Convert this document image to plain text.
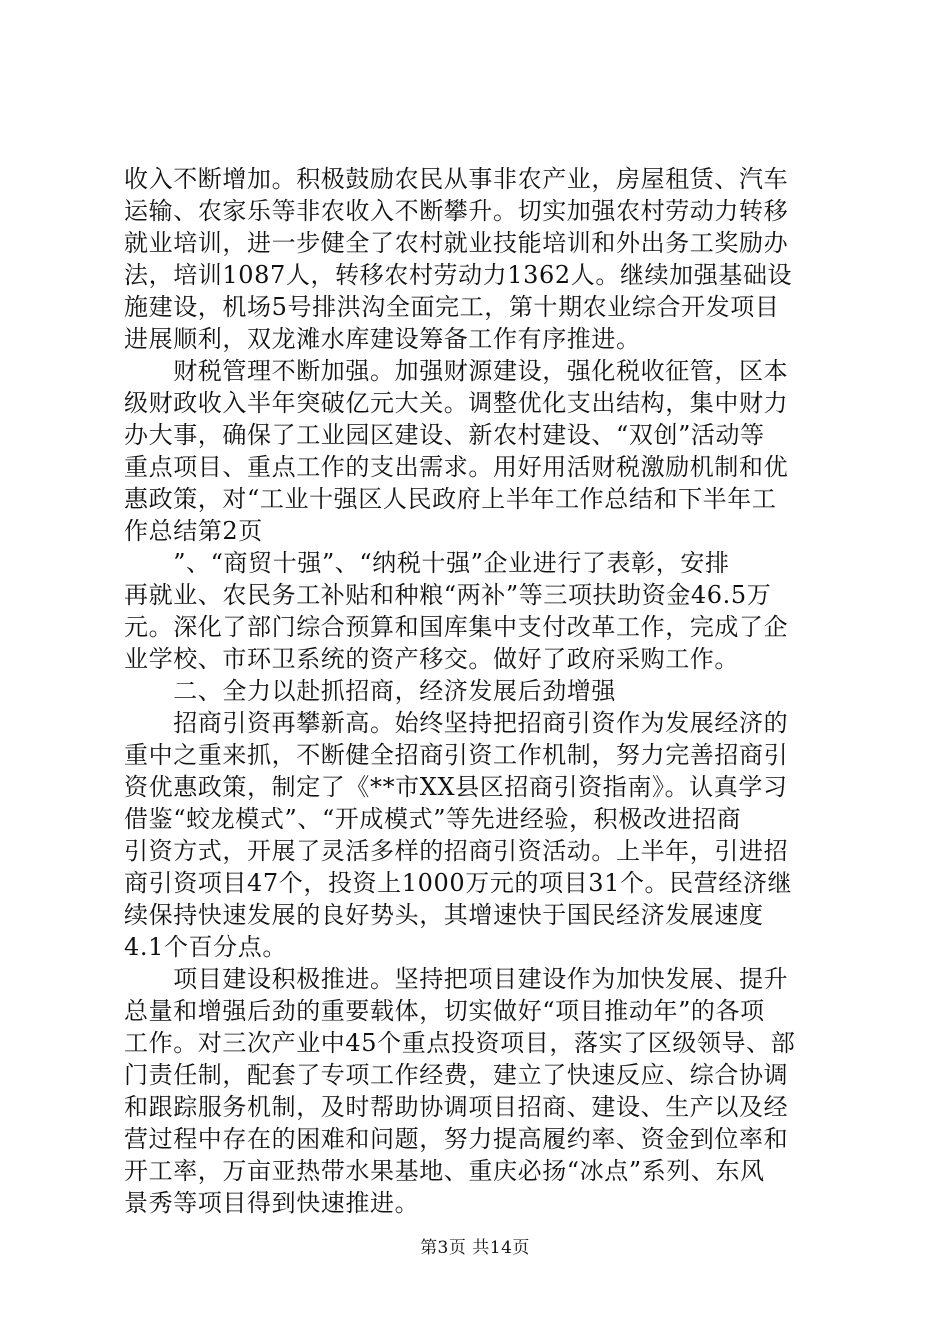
收入不断增加。积极鼓励农民从事非农产业，房屋租赁、汽车
运输、农家乐等非农收入不断攀升。切实加强农村劳动力转移
就业培训，进一步健全了农村就业技能培训和外出务工奖励办
法，培训1087人，转移农村劳动力1362人。继续加强基础设
施建设，机场5号排洪沟全面完工，第十期农业综合开发项目
进展顺利，双龙滩水库建设筹备工作有序推进。
　　财税管理不断加强。加强财源建设，强化税收征管，区本
级财政收入半年突破亿元大关。调整优化支出结构，集中财力
办大事，确保了工业园区建设、新农村建设、“双创”活动等
重点项目、重点工作的支出需求。用好用活财税激励机制和优
惠政策，对“工业十强区人民政府上半年工作总结和下半年工
作总结第2页
　　”、“商贸十强”、“纳税十强”企业进行了表彰，安排
再就业、农民务工补贴和种粮“两补”等三项扶助资金46.5万
元。深化了部门综合预算和国库集中支付改革工作，完成了企
业学校、市环卫系统的资产移交。做好了政府采购工作。
　　二、全力以赴抓招商，经济发展后劲增强
　　招商引资再攀新高。始终坚持把招商引资作为发展经济的
重中之重来抓，不断健全招商引资工作机制，努力完善招商引
资优惠政策，制定了《**市XX县区招商引资指南》。认真学习
借鉴“蛟龙模式”、“开成模式”等先进经验，积极改进招商
引资方式，开展了灵活多样的招商引资活动。上半年，引进招
商引资项目47个，投资上1000万元的项目31个。民营经济继
续保持快速发展的良好势头，其增速快于国民经济发展速度
4.1个百分点。
　　项目建设积极推进。坚持把项目建设作为加快发展、提升
总量和增强后劲的重要载体，切实做好“项目推动年”的各项
工作。对三次产业中45个重点投资项目，落实了区级领导、部
门责任制，配套了专项工作经费，建立了快速反应、综合协调
和跟踪服务机制，及时帮助协调项目招商、建设、生产以及经
营过程中存在的困难和问题，努力提高履约率、资金到位率和
开工率，万亩亚热带水果基地、重庆必扬“冰点”系列、东风
景秀等项目得到快速推进。
第3页 共14页
